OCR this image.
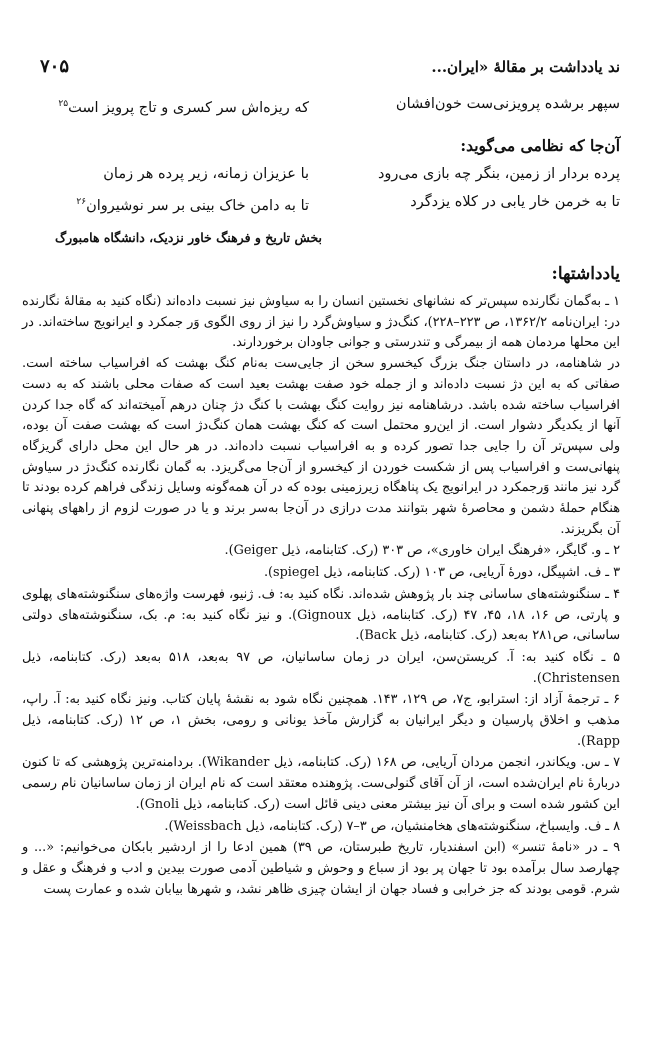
۷۰۵	ند یادداشت بر مقالۀ «ایران...
سپهر برشده پرویزنی‌ست خون‌افشان
که ریزه‌اش سر کسری و تاج پرویز است$^{۲۵}$
آن‌جا که نظامی می‌گوید:
پرده بردار از زمین، بنگر چه بازی می‌رود
با عزیزان زمانه، زیر پرده هر زمان
تا به خرمن خار یابی در کلاه یزدگرد
تا به دامن خاک بینی بر سر نوشیروان$^{۲۶}$
بخش تاریخ و فرهنگ خاور نزدیک، دانشگاه هامبورگ
یادداشتها:

۱ ـ به‌گمان نگارنده سپس‌تر که نشانهای نخستین انسان را به سیاوش نیز نسبت داده‌اند (نگاه کنید به مقالۀ نگارنده در: ایران‌نامه ۱۳۶۲/۲، ص ۲۲۳–۲۲۸)، کنگ‌دژ و سیاوش‌گرد را نیز از روی الگوی وَر جمکرد و ایرانویج ساخته‌اند. در این محلها مردمان همه از بیمرگی و تندرستی و جوانی جاودان برخوردارند.

در شاهنامه، در داستان جنگ بزرگ کیخسرو سخن از جایی‌ست به‌نام کنگ بهشت که افراسیاب ساخته است. صفاتی که به این دژ نسبت داده‌اند و از جمله خود صفت بهشت بعید است که صفات محلی باشند که به دست افراسیاب ساخته شده باشد. درشاهنامه نیز روایت کنگ بهشت با کنگ دژ چنان درهم آمیخته‌اند که گاه جدا کردن آنها از یکدیگر دشوار است. از این‌رو محتمل است که کنگ بهشت همان کنگ‌دژ است که بهشت صفت آن بوده، ولی سپس‌تر آن را جایی جدا تصور کرده و به افراسیاب نسبت داده‌اند. در هر حال این محل دارای گریزگاه پنهانی‌ست و افراسیاب پس از شکست خوردن از کیخسرو از آن‌جا می‌گریزد. به گمان نگارنده کنگ‌دژ در سیاوش گرد نیز مانند وَرجمکرد در ایرانویج یک پناهگاه زیرزمینی بوده که در آن همه‌گونه وسایل زندگی فراهم کرده بودند تا هنگام حملۀ دشمن و محاصرۀ شهر بتوانند مدت درازی در آن‌جا به‌سر برند و یا در صورت لزوم از راههای پنهانی آن بگریزند.

۲ ـ و. گایگر، «فرهنگ ایران خاوری»، ص ۳۰۳ (رک. کتابنامه، ذیل Geiger).

۳ ـ ف. اشپیگل، دورۀ آریایی، ص ۱۰۳ (رک. کتابنامه، ذیل spiegel).

۴ ـ سنگنوشته‌های ساسانی چند بار پژوهش شده‌اند. نگاه کنید به: ف. ژنیو، فهرست واژه‌های سنگنوشته‌های پهلوی و پارتی، ص ۱۶، ۱۸، ۴۵، ۴۷ (رک. کتابنامه، ذیل Gignoux). و نیز نگاه کنید به: م. بک، سنگنوشته‌های دولتی ساسانی، ص۲۸۱ به‌بعد (رک. کتابنامه، ذیل Back).

۵ ـ نگاه کنید به: آ. کریستن‌سن، ایران در زمان ساسانیان، ص ۹۷ به‌بعد، ۵۱۸ به‌بعد (رک. کتابنامه، ذیل Christensen).

۶ ـ ترجمۀ آزاد از: استرابو، ج۷، ص ۱۲۹، ۱۴۳. همچنین نگاه شود به نقشۀ پایان کتاب. ونیز نگاه کنید به: آ. راپ، مذهب و اخلاق پارسیان و دیگر ایرانیان به گزارش مآخذ یونانی و رومی، بخش ۱، ص ۱۲ (رک. کتابنامه، ذیل Rapp).

۷ ـ س. ویکاندر، انجمن مردان آریایی، ص ۱۶۸ (رک. کتابنامه، ذیل Wikander). بردامنه‌ترین پژوهشی که تا کنون دربارۀ نام ایران‌شده است، از آن آقای گنولی‌ست. پژوهنده معتقد است که نام ایران از زمان ساسانیان نام رسمی این کشور شده است و برای آن نیز بیشتر معنی دینی قائل است (رک. کتابنامه، ذیل Gnoli).

۸ ـ ف. وایسباخ، سنگنوشته‌های هخامنشیان، ص ۳–۷ (رک. کتابنامه، ذیل Weissbach).

۹ ـ در «نامۀ تنسر» (ابن اسفندیار، تاریخ طبرستان، ص ۳۹) همین ادعا را از اردشیر بابکان می‌خوانیم: «... و چهارصد سال برآمده بود تا جهان پر بود از سباع و وحوش و شیاطین آدمی صورت بیدین و ادب و فرهنگ و عقل و شرم. قومی بودند که جز خرابی و فساد جهان از ایشان چیزی ظاهر نشد، و شهرها بیابان شده و عمارت پست
